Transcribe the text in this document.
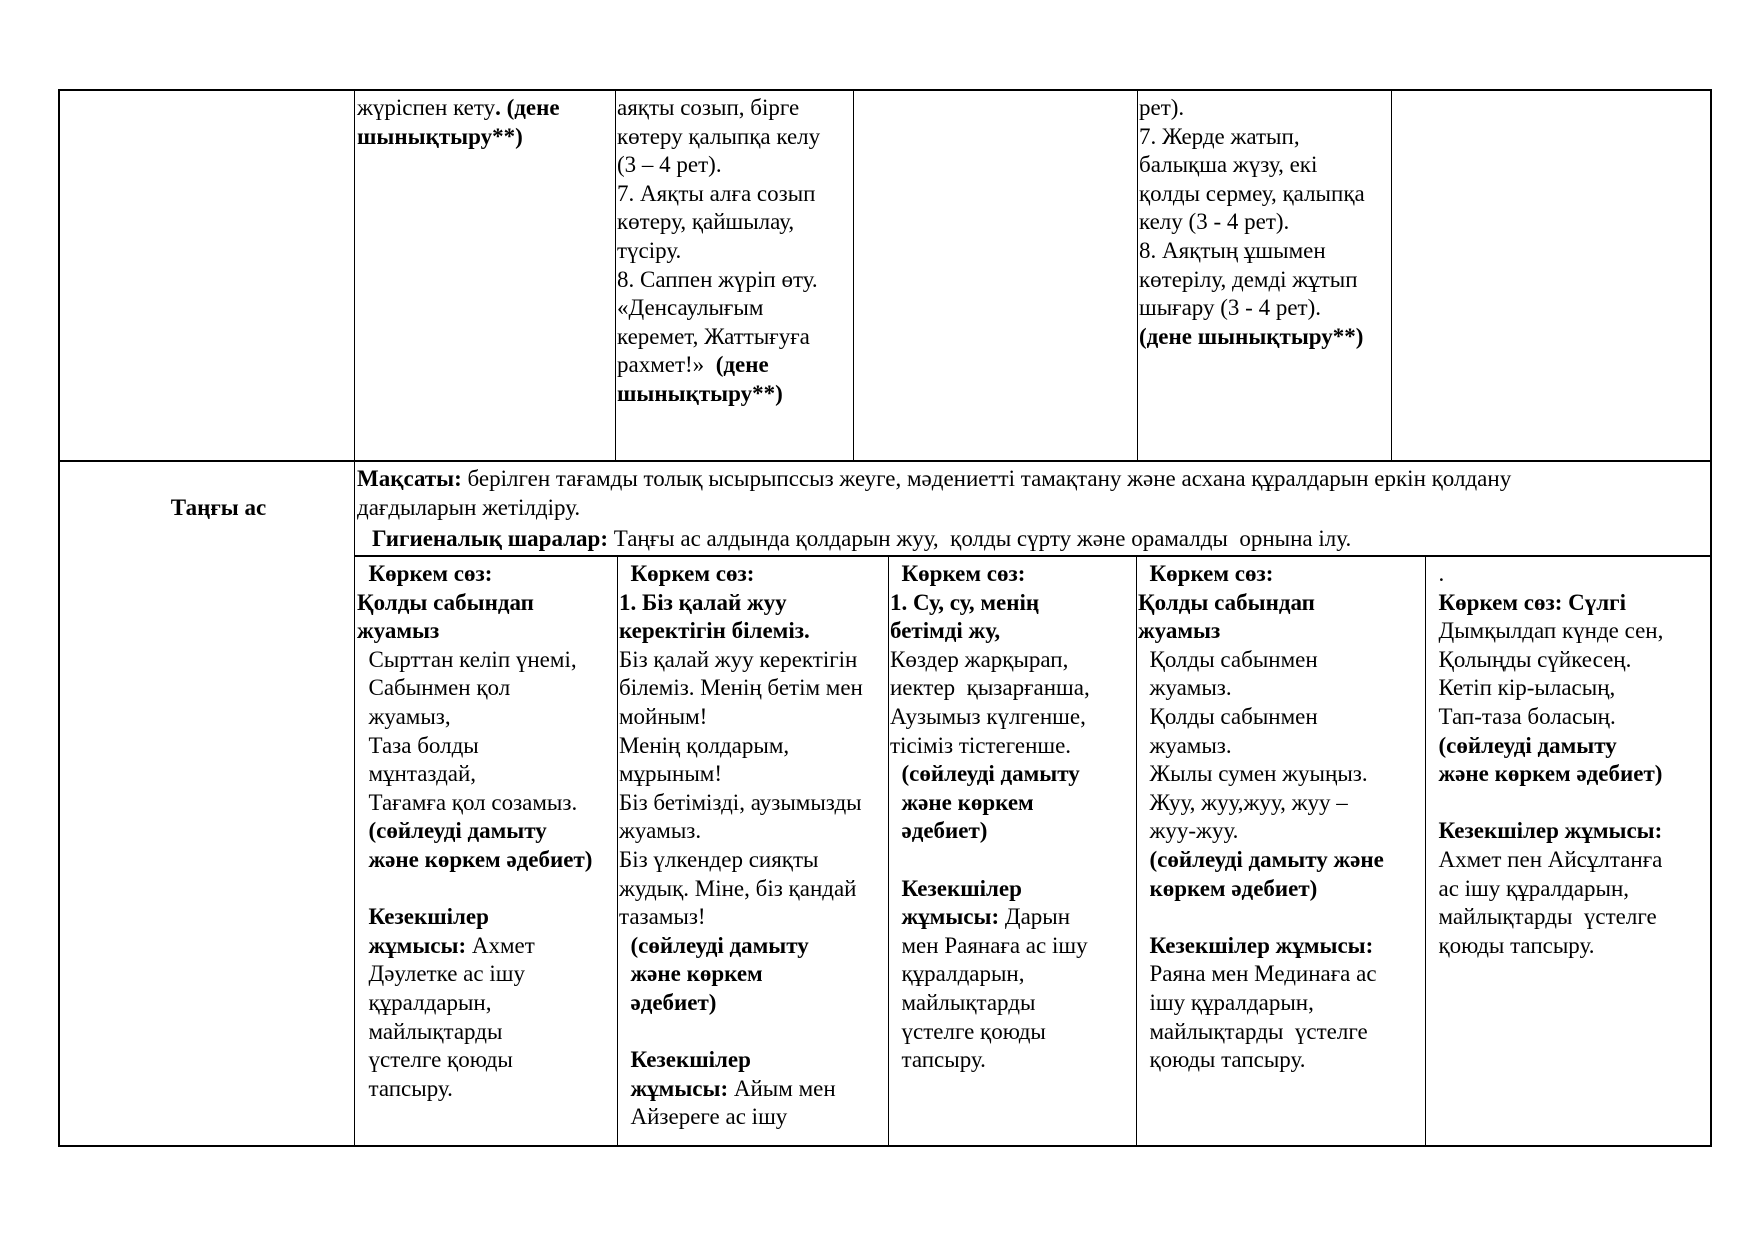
жүріспен кету. (дене

шынықтыру**)

аяқты созып, бірге

көтеру қалыпқа келу

(3 – 4 рет).

7. Аяқты алға созып

көтеру, қайшылау,

түсіру.

8. Саппен жүріп өту.

«Денсаулығым

керемет, Жаттығуға

рахмет!»  (дене

шынықтыру**)

рет).

7. Жерде жатып,

балықша жүзу, екі

қолды сермеу, қалыпқа

келу (3 - 4 рет).

8. Аяқтың ұшымен

көтерілу, демді жұтып

шығару (3 - 4 рет).

(дене шынықтыру**)

Таңғы ас

Мақсаты: берілген тағамды толық ысырыпссыз жеуге, мәдениетті тамақтану және асхана құралдарын еркін қолдану

дағдыларын жетілдіру.

Гигиеналық шаралар: Таңғы ас алдында қолдарын жуу,  қолды сүрту және орамалды  орнына ілу.

Көркем сөз:

Қолды сабындап

жуамыз

Сырттан келіп үнемі,

Сабынмен қол

жуамыз,

Таза болды

мұнтаздай,

Тағамға қол созамыз.

(сөйлеуді дамыту

және көркем әдебиет)

Кезекшілер

жұмысы: Ахмет

Дәулетке ас ішу

құралдарын,

майлықтарды

үстелге қоюды

тапсыру.

Көркем сөз:

1. Біз қалай жуу

керектігін білеміз.

Біз қалай жуу керектігін

білеміз. Менің бетім мен

мойным!

Менің қолдарым,

мұрыным!

Біз бетімізді, аузымызды

жуамыз.

Біз үлкендер сияқты

жудық. Міне, біз қандай

тазамыз!

(сөйлеуді дамыту

және көркем

әдебиет)

Кезекшілер

жұмысы: Айым мен

Айзереге ас ішу

Көркем сөз:

1. Су, су, менің

бетімді жу,

Көздер жарқырап,

иектер  қызарғанша,

Аузымыз күлгенше,

тісіміз тістегенше.

(сөйлеуді дамыту

және көркем

әдебиет)

Кезекшілер

жұмысы: Дарын

мен Раянаға ас ішу

құралдарын,

майлықтарды

үстелге қоюды

тапсыру.

Көркем сөз:

Қолды сабындап

жуамыз

Қолды сабынмен

жуамыз.

Қолды сабынмен

жуамыз.

Жылы сумен жуыңыз.

Жуу, жуу,жуу, жуу –

жуу-жуу.

(сөйлеуді дамыту және

көркем әдебиет)

Кезекшілер жұмысы:

Раяна мен Мединаға ас

ішу құралдарын,

майлықтарды  үстелге

қоюды тапсыру.

.

Көркем сөз: Сүлгі

Дымқылдап күнде сен,

Қолыңды сүйкесең.

Кетіп кір-ыласың,

Тап-таза боласың.

(сөйлеуді дамыту

және көркем әдебиет)

Кезекшілер жұмысы:

Ахмет пен Айсұлтанға

ас ішу құралдарын,

майлықтарды  үстелге

қоюды тапсыру.
